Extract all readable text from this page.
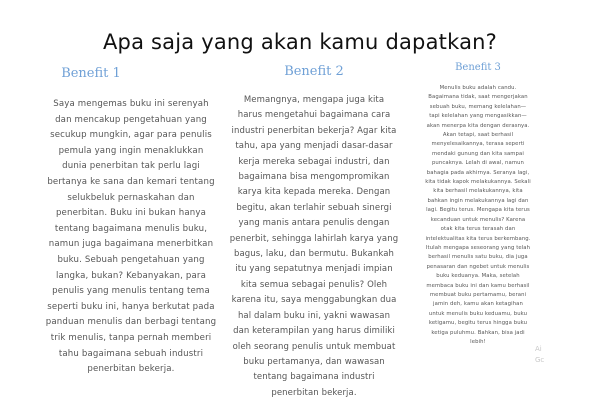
Apa saja yang akan kamu dapatkan?
Benefit 1
Saya mengemas buku ini serenyah
dan mencakup pengetahuan yang
secukup mungkin, agar para penulis
pemula yang ingin menaklukkan
dunia penerbitan tak perlu lagi
bertanya ke sana dan kemari tentang
selukbeluk pernaskahan dan
penerbitan. Buku ini bukan hanya
tentang bagaimana menulis buku,
namun juga bagaimana menerbitkan
buku. Sebuah pengetahuan yang
langka, bukan? Kebanyakan, para
penulis yang menulis tentang tema
seperti buku ini, hanya berkutat pada
panduan menulis dan berbagi tentang
trik menulis, tanpa pernah memberi
tahu bagaimana sebuah industri
penerbitan bekerja.
Benefit 2
Memangnya, mengapa juga kita
harus mengetahui bagaimana cara
industri penerbitan bekerja? Agar kita
tahu, apa yang menjadi dasar-dasar
kerja mereka sebagai industri, dan
bagaimana bisa mengompromikan
karya kita kepada mereka. Dengan
begitu, akan terlahir sebuah sinergi
yang manis antara penulis dengan
penerbit, sehingga lahirlah karya yang
bagus, laku, dan bermutu. Bukankah
itu yang sepatutnya menjadi impian
kita semua sebagai penulis? Oleh
karena itu, saya menggabungkan dua
hal dalam buku ini, yakni wawasan
dan keterampilan yang harus dimiliki
oleh seorang penulis untuk membuat
buku pertamanya, dan wawasan
tentang bagaimana industri
penerbitan bekerja.
Benefit 3
Menulis buku adalah candu.
Bagaimana tidak, saat mengerjakan
sebuah buku, memang kelelahan—
tapi kelelahan yang mengasikkan—
akan menerpa kita dengan derasnya.
Akan tetapi, saat berhasil
menyelesaikannya, terasa seperti
mendaki gunung dan kita sampai
puncaknya. Lelah di awal, namun
bahagia pada akhirnya. Seranya lagi,
kita tidak kapok melakukannya. Sekali
kita berhasil melakukannya, kita
bahkan ingin melakukannya lagi dan
lagi. Begitu terus. Mengapa kita terus
kecanduan untuk menulis? Karena
otak kita terus terasah dan
intelektualitas kita terus berkembang.
Itulah mengapa seseorang yang telah
berhasil menulis satu buku, dia juga
penasaran dan ngebet untuk menulis
buku keduanya. Maka, setelah
membaca buku ini dan kamu berhasil
membuat buku pertamamu, berani
jamin deh, kamu akan ketagihan
untuk menulis buku keduamu, buku
ketigamu, begitu terus hingga buku
ketiga puluhmu. Bahkan, bisa jadi
lebih!
Ai
Gc
